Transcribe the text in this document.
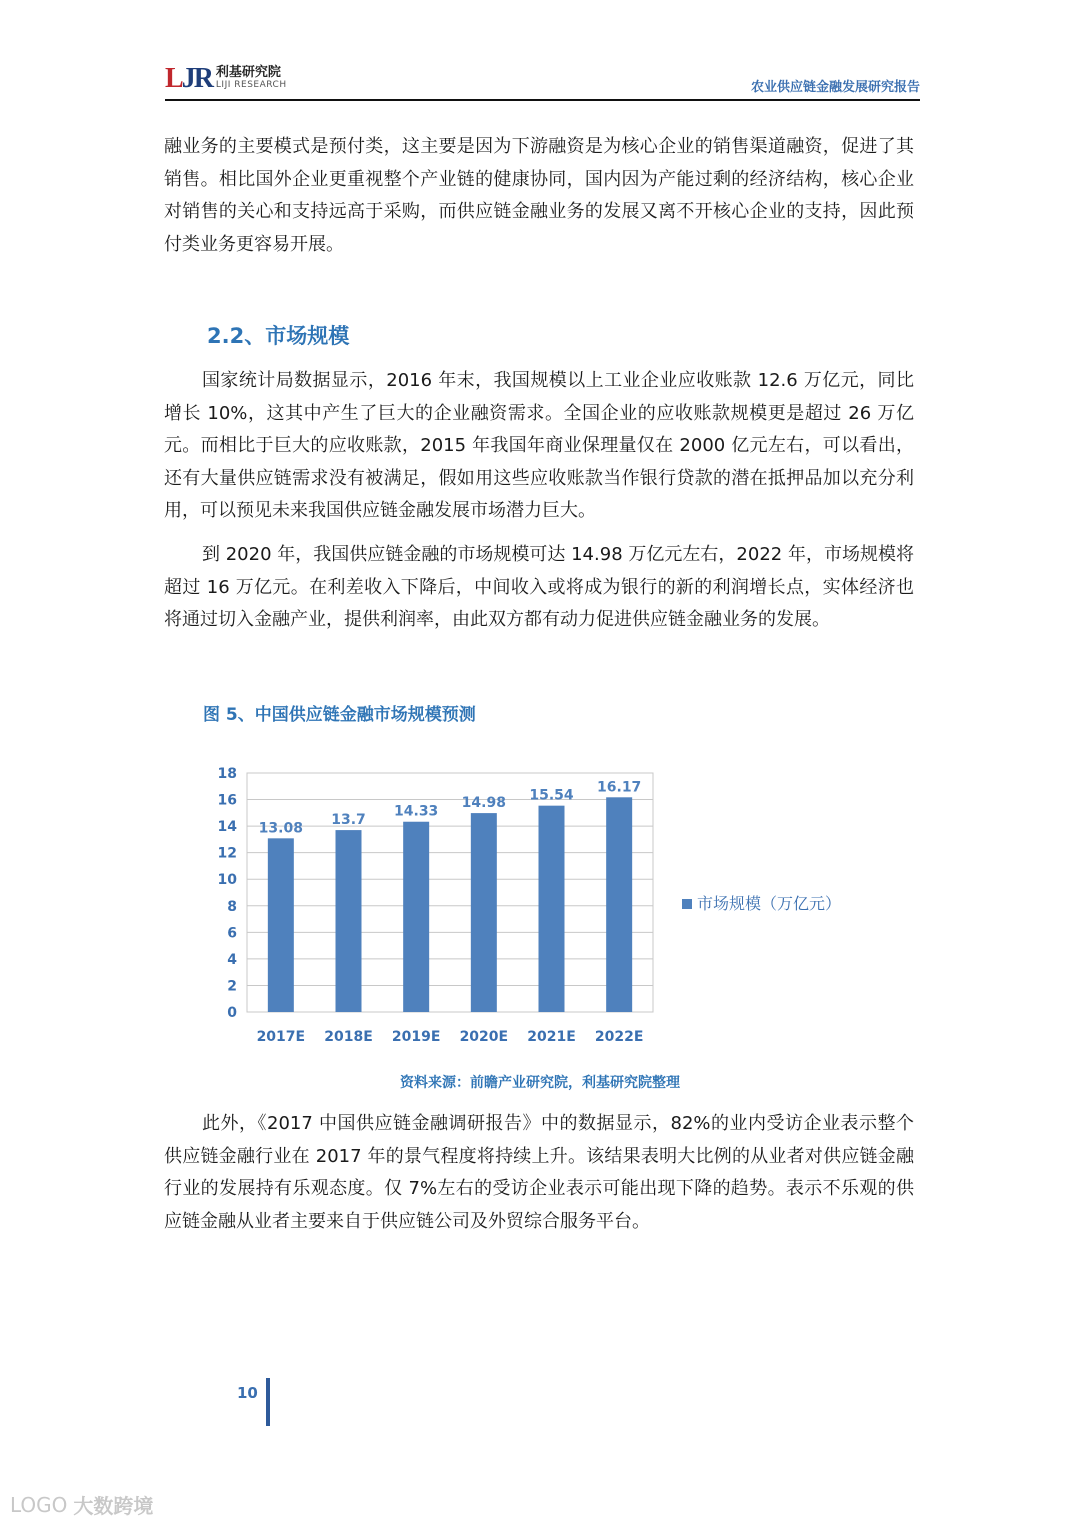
LJR 利基研究院
LIJI RESEARCH	农业供应链金融发展研究报告

融业务的主要模式是预付类，这主要是因为下游融资是为核心企业的销售渠道融资，促进了其销售。相比国外企业更重视整个产业链的健康协同，国内因为产能过剩的经济结构，核心企业对销售的关心和支持远高于采购，而供应链金融业务的发展又离不开核心企业的支持，因此预付类业务更容易开展。

2.2、市场规模

国家统计局数据显示，2016 年末，我国规模以上工业企业应收账款 12.6 万亿元，同比增长 10%，这其中产生了巨大的企业融资需求。全国企业的应收账款规模更是超过 26 万亿元。而相比于巨大的应收账款，2015 年我国年商业保理量仅在 2000 亿元左右，可以看出，还有大量供应链需求没有被满足，假如用这些应收账款当作银行贷款的潜在抵押品加以充分利用，可以预见未来我国供应链金融发展市场潜力巨大。

到 2020 年，我国供应链金融的市场规模可达 14.98 万亿元左右，2022 年，市场规模将超过 16 万亿元。在利差收入下降后，中间收入或将成为银行的新的利润增长点，实体经济也将通过切入金融产业，提供利润率，由此双方都有动力促进供应链金融业务的发展。

图 5、中国供应链金融市场规模预测
0
2
4
6
8
10
12
14
16
18
13.08
2017E
13.7
2018E
14.33
2019E
14.98
2020E
15.54
2021E
16.17
2022E
市场规模（万亿元）
资料来源：前瞻产业研究院，利基研究院整理

此外，《2017 中国供应链金融调研报告》中的数据显示，82%的业内受访企业表示整个供应链金融行业在 2017 年的景气程度将持续上升。该结果表明大比例的从业者对供应链金融行业的发展持有乐观态度。仅 7%左右的受访企业表示可能出现下降的趋势。表示不乐观的供应链金融从业者主要来自于供应链公司及外贸综合服务平台。

10
LOGO 大数跨境
